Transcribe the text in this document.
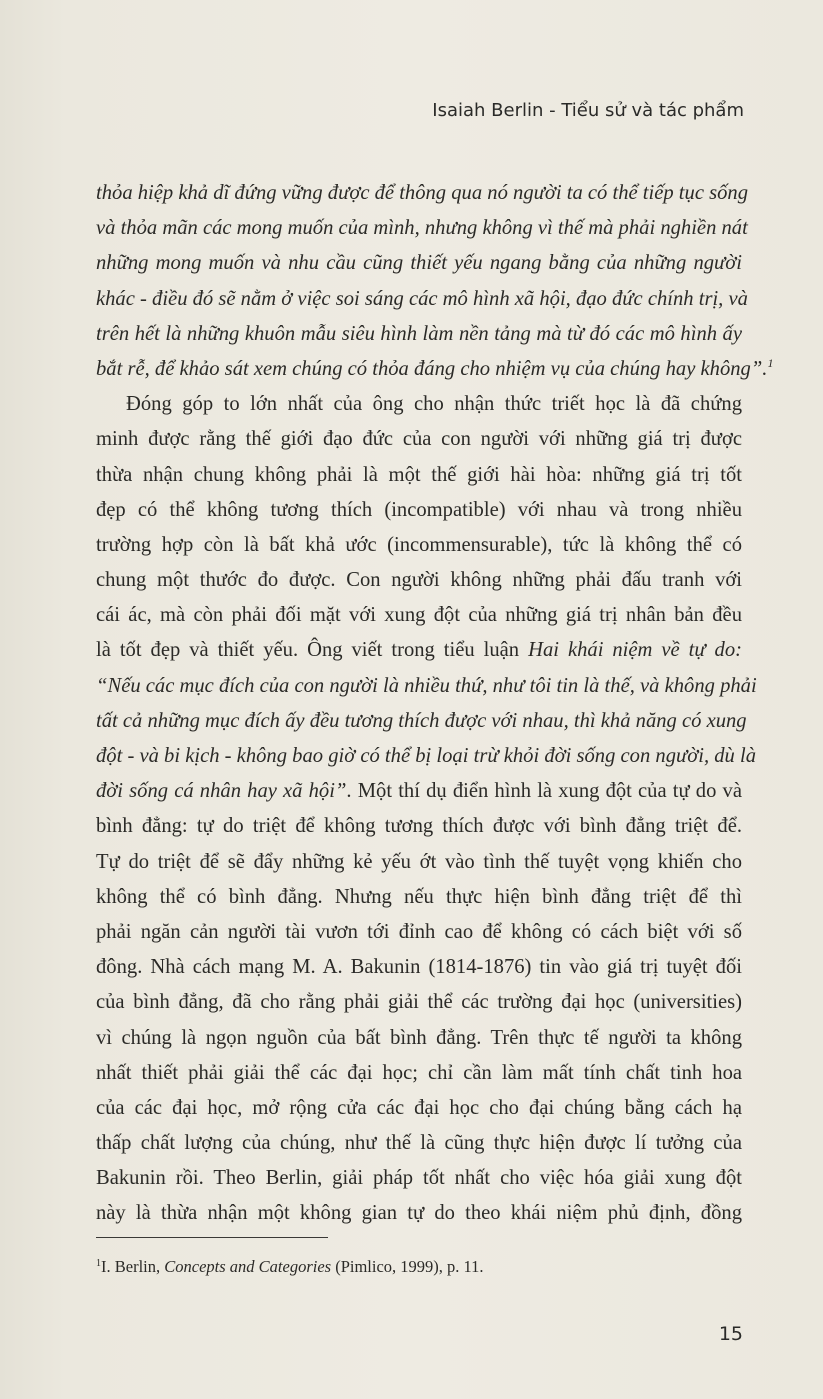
Isaiah Berlin - Tiểu sử và tác phẩm
thỏa hiệp khả dĩ đứng vững được để thông qua nó người ta có thể tiếp tục sống
và thỏa mãn các mong muốn của mình, nhưng không vì thế mà phải nghiền nát
những mong muốn và nhu cầu cũng thiết yếu ngang bằng của những người
khác - điều đó sẽ nằm ở việc soi sáng các mô hình xã hội, đạo đức chính trị, và
trên hết là những khuôn mẫu siêu hình làm nền tảng mà từ đó các mô hình ấy
bắt rễ, để khảo sát xem chúng có thỏa đáng cho nhiệm vụ của chúng hay không”.$^1$
Đóng góp to lớn nhất của ông cho nhận thức triết học là đã chứng
minh được rằng thế giới đạo đức của con người với những giá trị được
thừa nhận chung không phải là một thế giới hài hòa: những giá trị tốt
đẹp có thể không tương thích (incompatible) với nhau và trong nhiều
trường hợp còn là bất khả ước (incommensurable), tức là không thể có
chung một thước đo được. Con người không những phải đấu tranh với
cái ác, mà còn phải đối mặt với xung đột của những giá trị nhân bản đều
là tốt đẹp và thiết yếu. Ông viết trong tiểu luận Hai khái niệm về tự do:
“Nếu các mục đích của con người là nhiều thứ, như tôi tin là thế, và không phải
tất cả những mục đích ấy đều tương thích được với nhau, thì khả năng có xung
đột - và bi kịch - không bao giờ có thể bị loại trừ khỏi đời sống con người, dù là
đời sống cá nhân hay xã hội”. Một thí dụ điển hình là xung đột của tự do và
bình đẳng: tự do triệt để không tương thích được với bình đẳng triệt để.
Tự do triệt để sẽ đẩy những kẻ yếu ớt vào tình thế tuyệt vọng khiến cho
không thể có bình đẳng. Nhưng nếu thực hiện bình đẳng triệt để thì
phải ngăn cản người tài vươn tới đỉnh cao để không có cách biệt với số
đông. Nhà cách mạng M. A. Bakunin (1814-1876) tin vào giá trị tuyệt đối
của bình đẳng, đã cho rằng phải giải thể các trường đại học (universities)
vì chúng là ngọn nguồn của bất bình đẳng. Trên thực tế người ta không
nhất thiết phải giải thể các đại học; chỉ cần làm mất tính chất tinh hoa
của các đại học, mở rộng cửa các đại học cho đại chúng bằng cách hạ
thấp chất lượng của chúng, như thế là cũng thực hiện được lí tưởng của
Bakunin rồi. Theo Berlin, giải pháp tốt nhất cho việc hóa giải xung đột
này là thừa nhận một không gian tự do theo khái niệm phủ định, đồng
$^1$I. Berlin, Concepts and Categories (Pimlico, 1999), p. 11.
15
